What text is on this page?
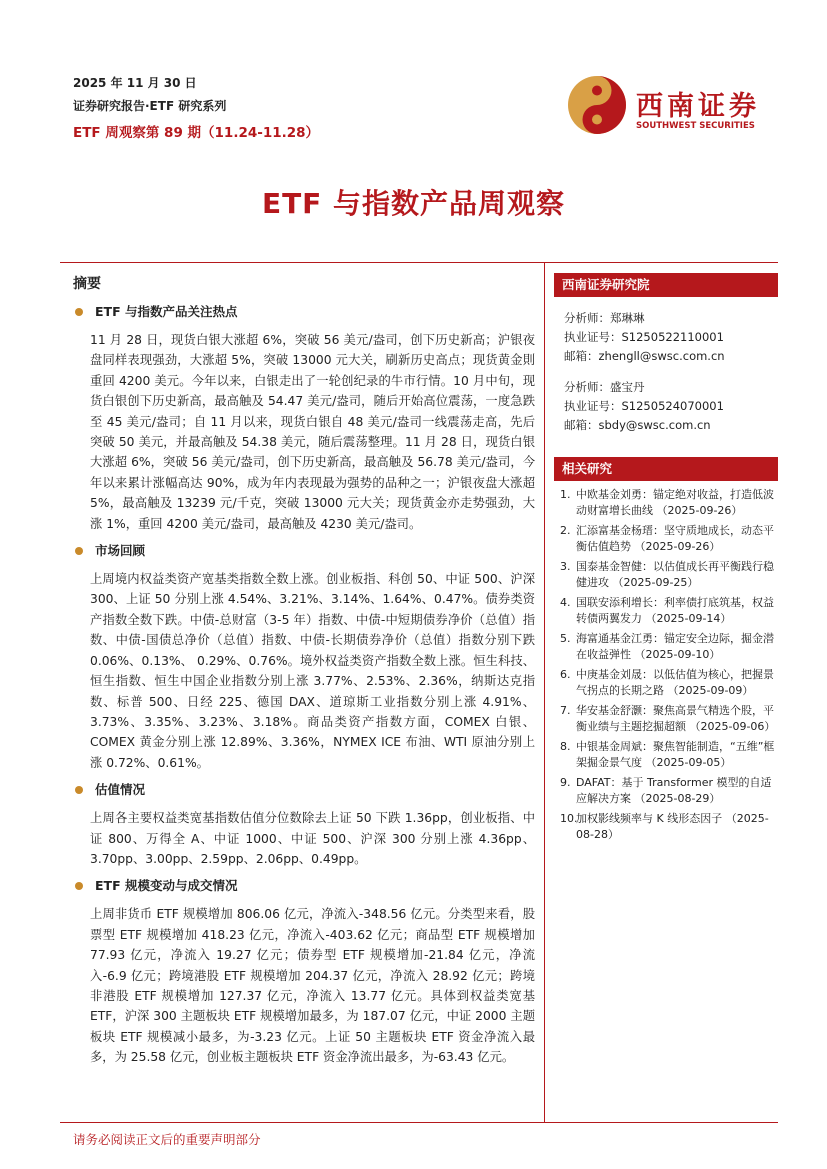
2025 年 11 月 30 日
证券研究报告·ETF 研究系列
ETF 周观察第 89 期（11.24-11.28）
西南证券
SOUTHWEST SECURITIES
ETF 与指数产品周观察
摘要
ETF 与指数产品关注热点

11 月 28 日，现货白银大涨超 6%，突破 56 美元/盎司，创下历史新高；沪银夜盘同样表现强劲，大涨超 5%，突破 13000 元大关，刷新历史高点；现货黄金則重回 4200 美元。今年以来，白银走出了一轮创纪录的牛市行情。10 月中旬，现货白银创下历史新高，最高触及 54.47 美元/盎司，随后开始高位震荡，一度急跌至 45 美元/盎司；自 11 月以来，现货白银自 48 美元/盎司一线震荡走高，先后突破 50 美元，并最高触及 54.38 美元，随后震荡整理。11 月 28 日，现货白银大涨超 6%，突破 56 美元/盎司，创下历史新高，最高触及 56.78 美元/盎司，今年以来累计涨幅高达 90%，成为年内表现最为强势的品种之一；沪银夜盘大涨超 5%，最高触及 13239 元/千克，突破 13000 元大关；现货黄金亦走势强劲，大涨 1%，重回 4200 美元/盎司，最高触及 4230 美元/盎司。

市场回顾

上周境内权益类资产宽基类指数全数上涨。创业板指、科创 50、中证 500、沪深 300、上证 50 分别上涨 4.54%、3.21%、3.14%、1.64%、0.47%。债券类资产指数全数下跌。中债-总财富（3-5 年）指数、中债-中短期债券净价（总值）指数、中债-国债总净价（总值）指数、中债-长期债券净价（总值）指数分别下跌 0.06%、0.13%、 0.29%、0.76%。境外权益类资产指数全数上涨。恒生科技、恒生指数、恒生中国企业指数分别上涨 3.77%、2.53%、2.36%，纳斯达克指数、标普 500、日经 225、德国 DAX、道琼斯工业指数分别上涨 4.91%、3.73%、3.35%、3.23%、3.18%。商品类资产指数方面，COMEX 白银、COMEX 黄金分别上涨 12.89%、3.36%，NYMEX ICE 布油、WTI 原油分别上涨 0.72%、0.61%。

估值情况

上周各主要权益类宽基指数估值分位数除去上证 50 下跌 1.36pp，创业板指、中证 800、万得全 A、中证 1000、中证 500、沪深 300 分别上涨 4.36pp、3.70pp、3.00pp、2.59pp、2.06pp、0.49pp。

ETF 规模变动与成交情况

上周非货币 ETF 规模增加 806.06 亿元，净流入-348.56 亿元。分类型来看，股票型 ETF 规模增加 418.23 亿元，净流入-403.62 亿元；商品型 ETF 规模增加 77.93 亿元，净流入 19.27 亿元；债券型 ETF 规模增加-21.84 亿元，净流入-6.9 亿元；跨境港股 ETF 规模增加 204.37 亿元，净流入 28.92 亿元；跨境非港股 ETF 规模增加 127.37 亿元，净流入 13.77 亿元。具体到权益类宽基 ETF，沪深 300 主题板块 ETF 规模增加最多，为 187.07 亿元，中证 2000 主题板块 ETF 规模减小最多，为-3.23 亿元。上证 50 主题板块 ETF 资金净流入最多，为 25.58 亿元，创业板主题板块 ETF 资金净流出最多，为-63.43 亿元。

西南证券研究院
分析师：郑琳琳
执业证号：S1250522110001
邮箱：zhengll@swsc.com.cn
分析师：盛宝丹
执业证号：S1250524070001
邮箱：sbdy@swsc.com.cn
相关研究
1. 中欧基金刘勇：锚定绝对收益，打造低波动财富增长曲线 （2025-09-26）
2. 汇添富基金杨瑨：坚守质地成长，动态平衡估值趋势 （2025-09-26）
3. 国泰基金智健：以估值成长再平衡践行稳健进攻 （2025-09-25）
4. 国联安添利增长：利率债打底筑基，权益转债两翼发力 （2025-09-14）
5. 海富通基金江勇：锚定安全边际，掘金潜在收益弹性 （2025-09-10）
6. 中庚基金刘晟：以低估值为核心，把握景气拐点的长期之路 （2025-09-09）
7. 华安基金舒灏：聚焦高景气精选个股，平衡业绩与主题挖掘超额 （2025-09-06）
8. 中银基金周斌：聚焦智能制造，“五维”框架掘金景气度 （2025-09-05）
9. DAFAT：基于 Transformer 模型的自适应解决方案 （2025-08-29）
10.
加权影线频率与 K 线形态因子 （2025-08-28）
请务必阅读正文后的重要声明部分
